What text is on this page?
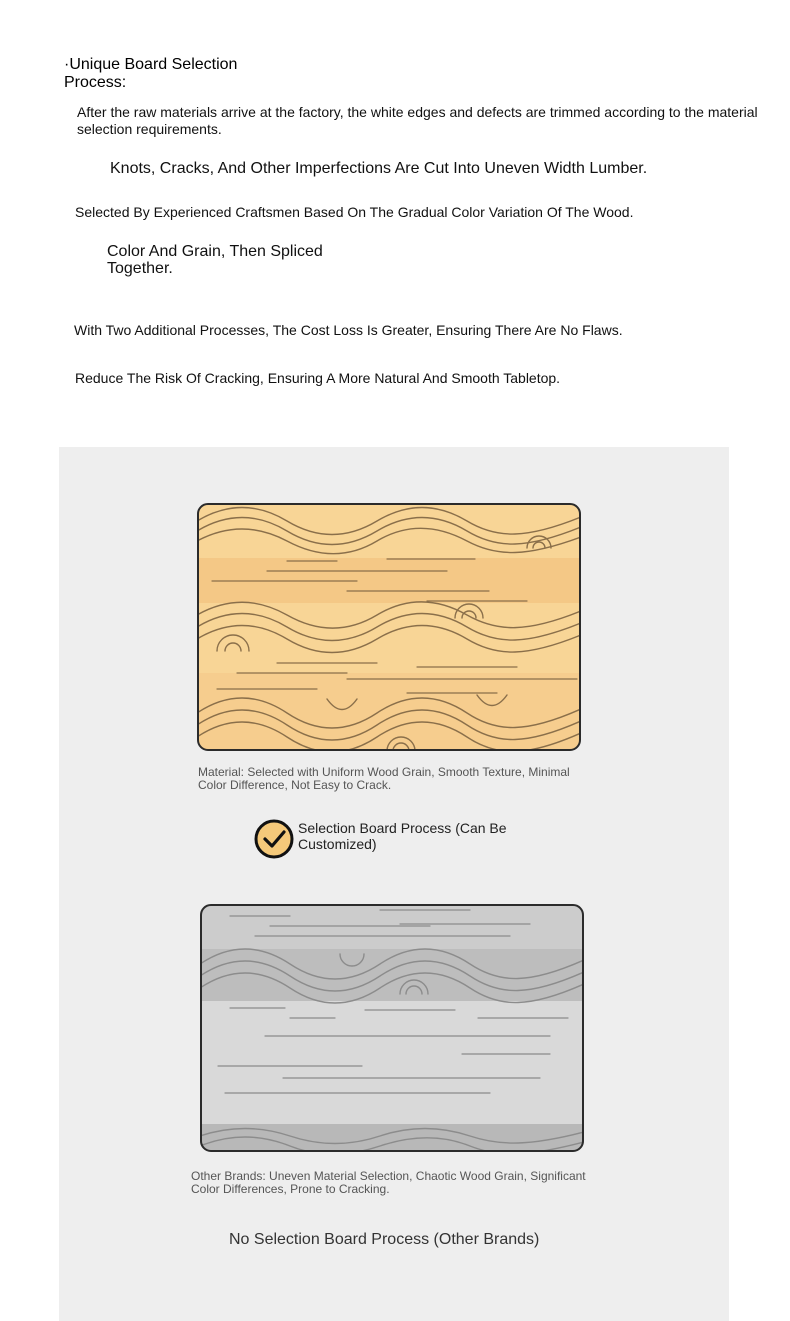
·Unique Board Selection Process:
After the raw materials arrive at the factory, the white edges and defects are trimmed according to the material selection requirements.
Knots, Cracks, And Other Imperfections Are Cut Into Uneven Width Lumber.
Selected By Experienced Craftsmen Based On The Gradual Color Variation Of The Wood.
Color And Grain, Then Spliced Together.
With Two Additional Processes, The Cost Loss Is Greater, Ensuring There Are No Flaws.
Reduce The Risk Of Cracking, Ensuring A More Natural And Smooth Tabletop.
Material: Selected with Uniform Wood Grain, Smooth Texture, Minimal Color Difference, Not Easy to Crack.
Selection Board Process (Can Be Customized)
Other Brands: Uneven Material Selection, Chaotic Wood Grain, Significant Color Differences, Prone to Cracking.
No Selection Board Process (Other Brands)
